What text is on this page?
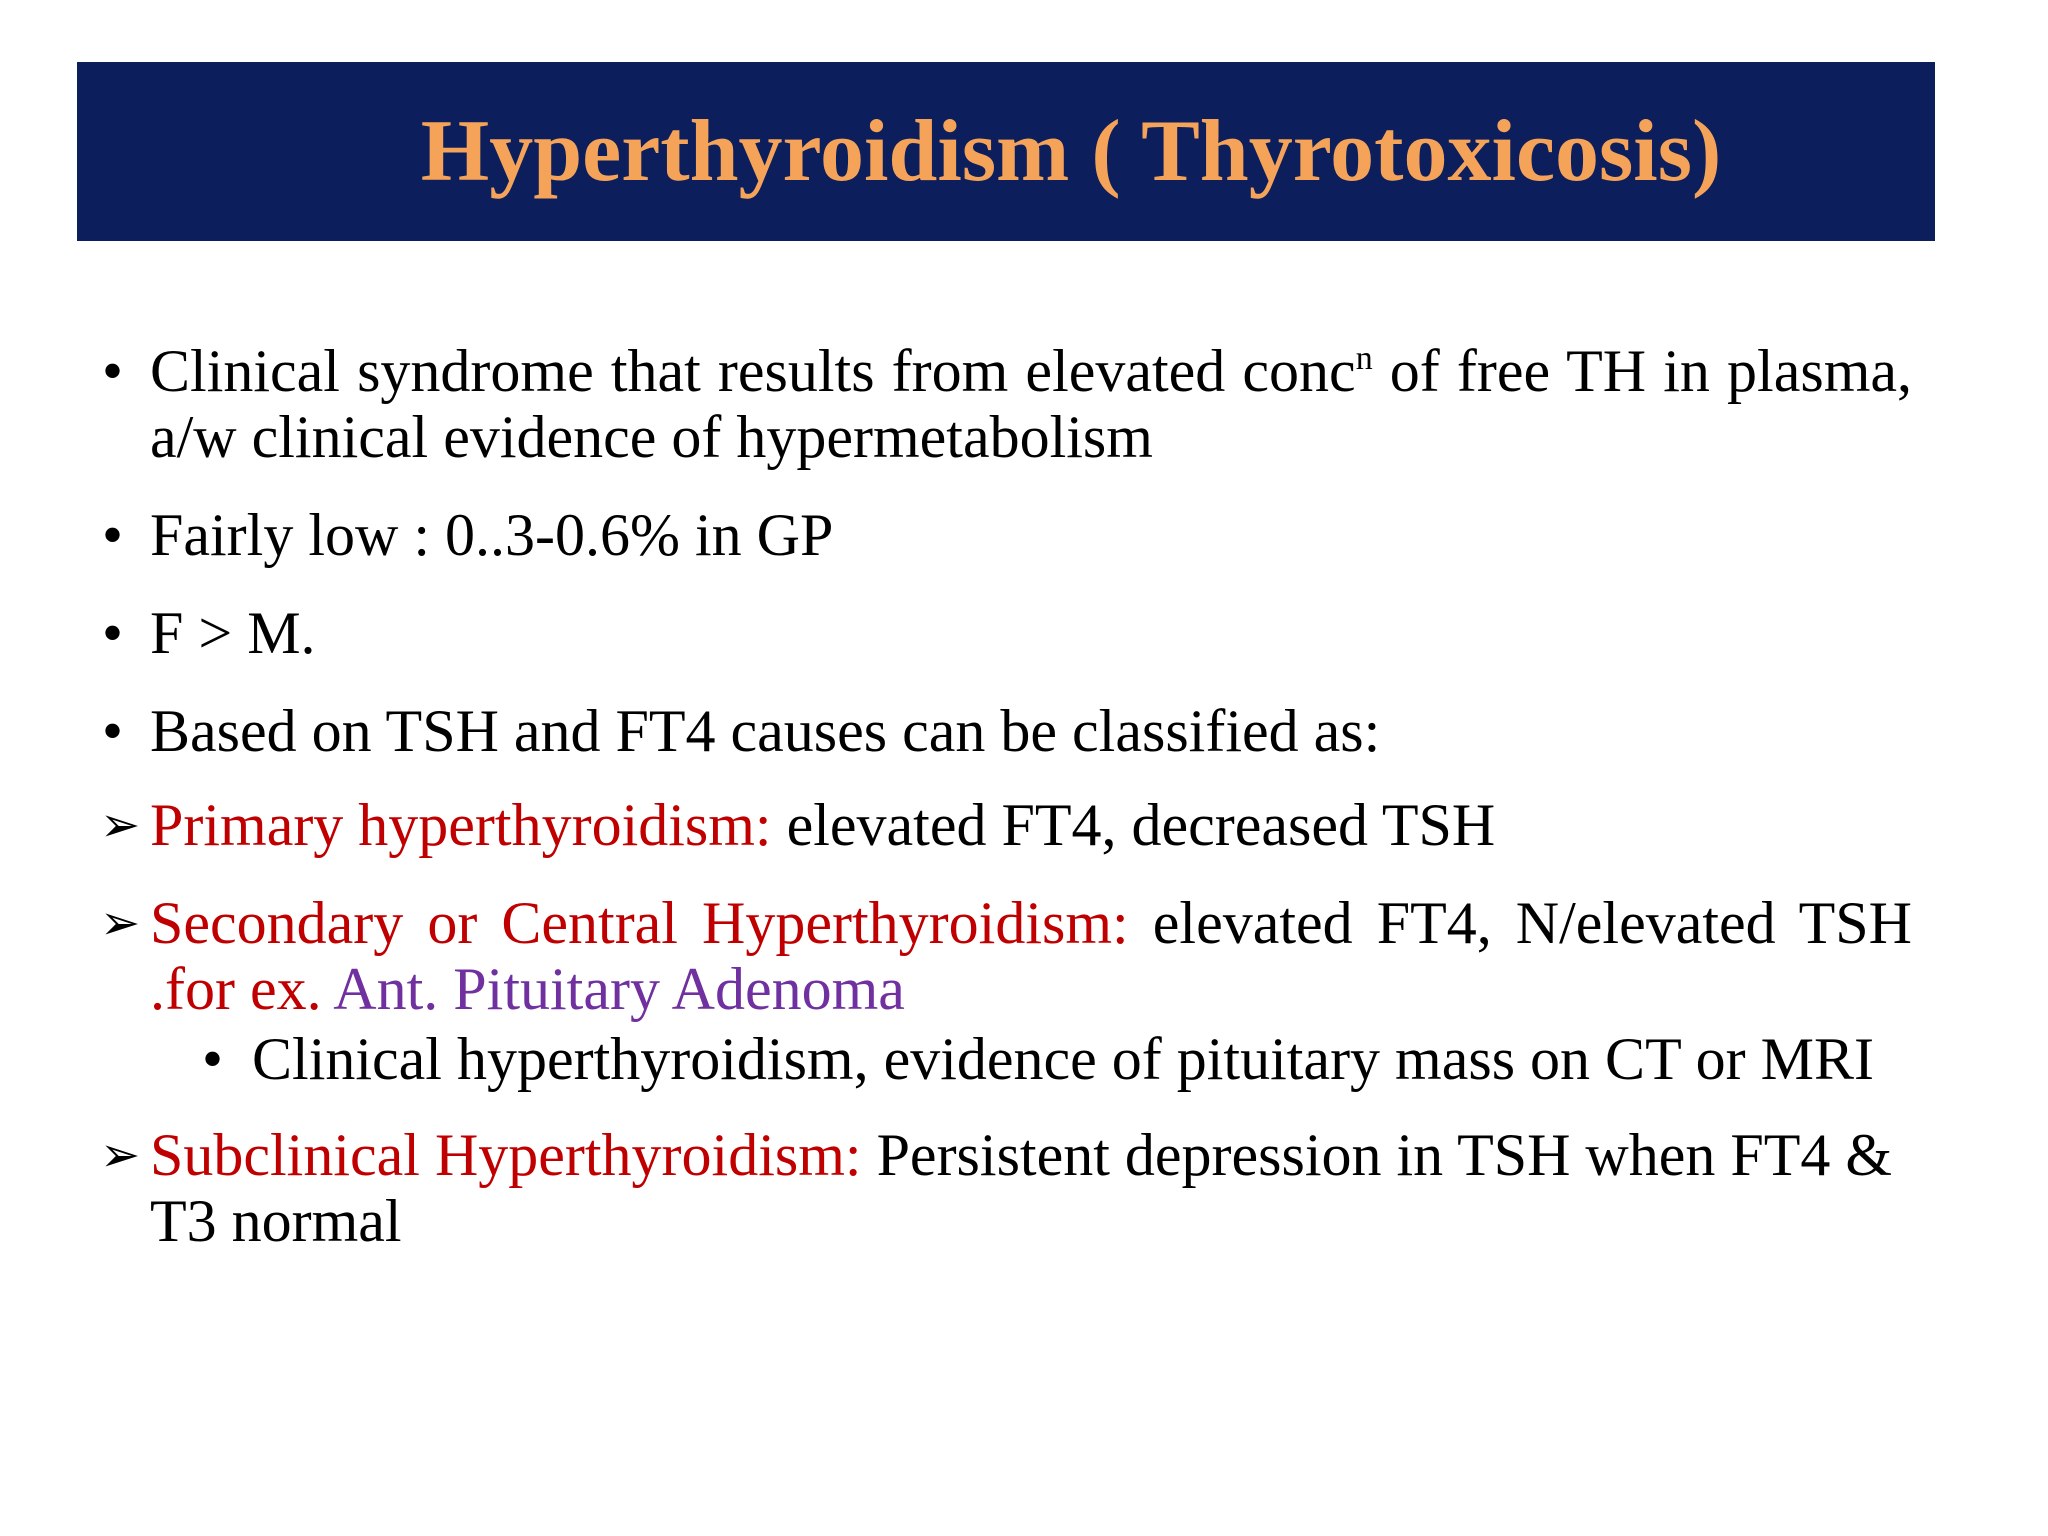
Hyperthyroidism ( Thyrotoxicosis)
• Clinical syndrome that results from elevated conc$^n$ of free TH in plasma, a/w clinical evidence of hypermetabolism
• Fairly low : 0..3-0.6% in GP
• F > M.
• Based on TSH and FT4 causes can be classified as:
➢ Primary hyperthyroidism: elevated FT4, decreased TSH
➢ Secondary or Central Hyperthyroidism: elevated FT4, N/elevated TSH .for ex. Ant. Pituitary Adenoma
• Clinical hyperthyroidism, evidence of pituitary mass on CT or MRI
➢ Subclinical Hyperthyroidism: Persistent depression in TSH when FT4 & T3 normal
